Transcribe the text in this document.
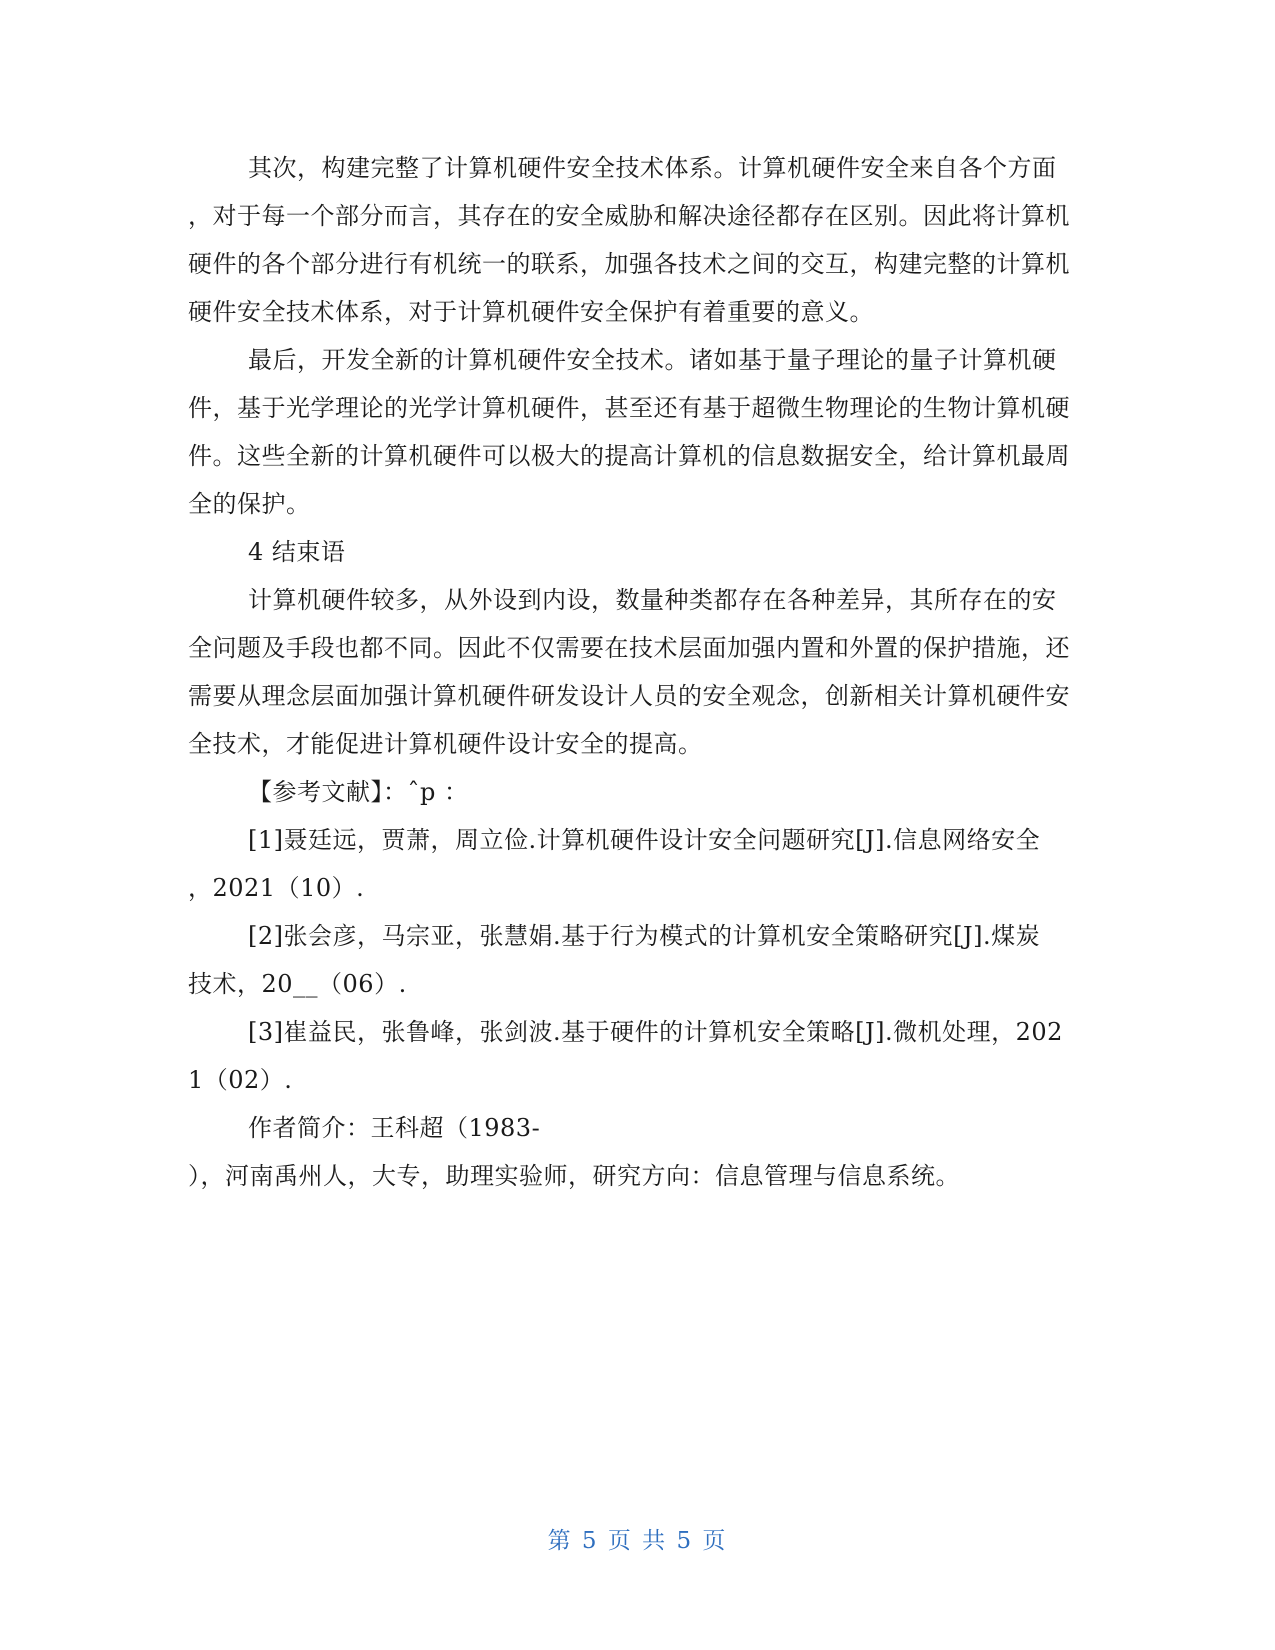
其次，构建完整了计算机硬件安全技术体系。计算机硬件安全来自各个方面
，对于每一个部分而言，其存在的安全威胁和解决途径都存在区别。因此将计算机
硬件的各个部分进行有机统一的联系，加强各技术之间的交互，构建完整的计算机
硬件安全技术体系，对于计算机硬件安全保护有着重要的意义。
最后，开发全新的计算机硬件安全技术。诸如基于量子理论的量子计算机硬
件，基于光学理论的光学计算机硬件，甚至还有基于超微生物理论的生物计算机硬
件。这些全新的计算机硬件可以极大的提高计算机的信息数据安全，给计算机最周
全的保护。
4 结束语
计算机硬件较多，从外设到内设，数量种类都存在各种差异，其所存在的安
全问题及手段也都不同。因此不仅需要在技术层面加强内置和外置的保护措施，还
需要从理念层面加强计算机硬件研发设计人员的安全观念，创新相关计算机硬件安
全技术，才能促进计算机硬件设计安全的提高。
【参考文献】：ˆp ：
[1]聂廷远，贾萧，周立俭.计算机硬件设计安全问题研究[J].信息网络安全
，2021（10）.
[2]张会彦，马宗亚，张慧娟.基于行为模式的计算机安全策略研究[J].煤炭
技术，20__（06）.
[3]崔益民，张鲁峰，张剑波.基于硬件的计算机安全策略[J].微机处理，202
1（02）.
作者简介：王科超（1983-
），河南禹州人，大专，助理实验师，研究方向：信息管理与信息系统。
第 5 页 共 5 页
